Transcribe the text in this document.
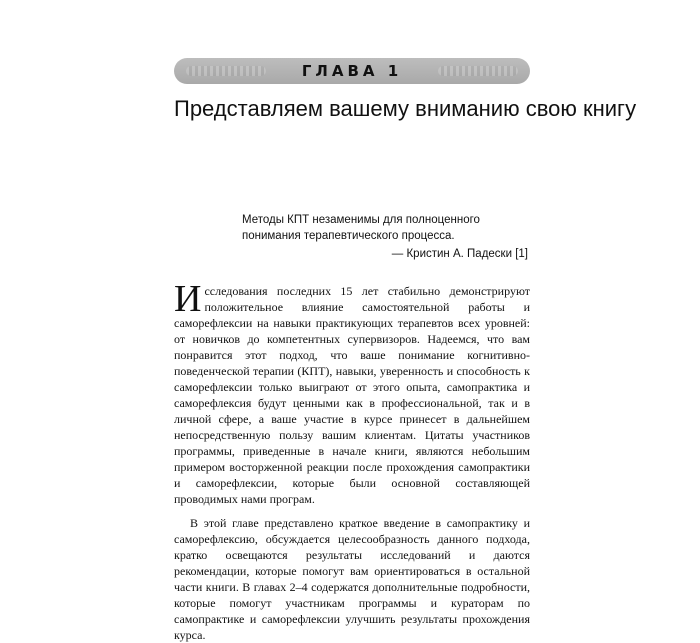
ГЛАВА 1
Представляем вашему вниманию свою книгу
Методы КПТ незаменимы для полноценного понимания терапевтического процесса.
— Кристин А. Падески [1]

Исследования последних 15 лет стабильно демонстрируют положительное влияние самостоятельной работы и саморефлексии на навыки практикующих терапевтов всех уровней: от новичков до компетентных супервизоров. Надеемся, что вам понравится этот подход, что ваше понимание когнитивно-поведенческой терапии (КПТ), навыки, уверенность и способность к саморефлексии только выиграют от этого опыта, самопрактика и саморефлексия будут ценными как в профессиональной, так и в личной сфере, а ваше участие в курсе принесет в дальнейшем непосредственную пользу вашим клиентам. Цитаты участников программы, приведенные в начале книги, являются небольшим примером восторженной реакции после прохождения самопрактики и саморефлексии, которые были основной составляющей проводимых нами програм.

В этой главе представлено краткое введение в самопрактику и саморефлексию, обсуждается целесообразность данного подхода, кратко освещаются результаты исследований и даются рекомендации, которые помогут вам ориентироваться в остальной части книги. В главах 2–4 содержатся дополнительные подробности, которые помогут участникам программы и кураторам по самопрактике и саморефлексии улучшить результаты прохождения курса.
